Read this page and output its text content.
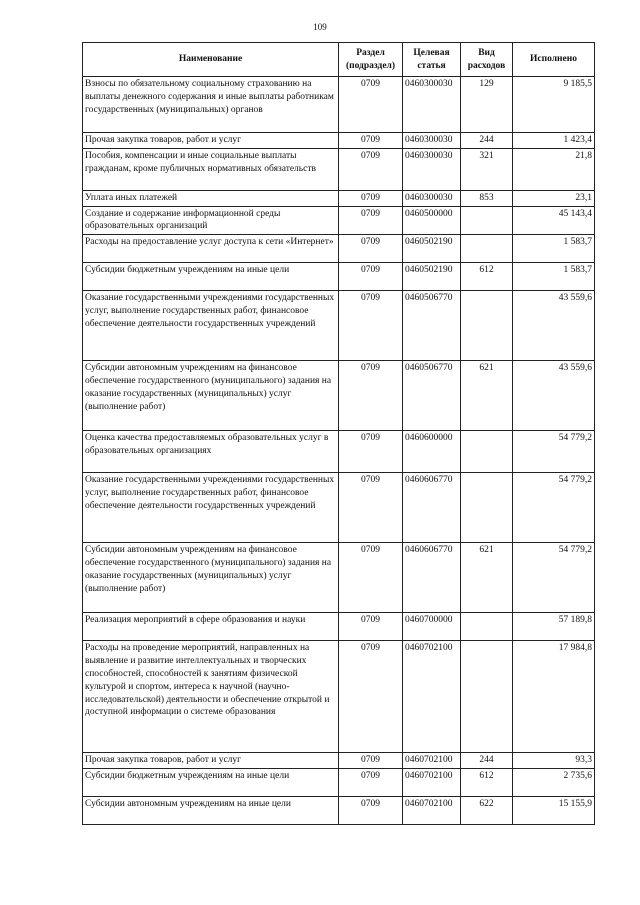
109
Наименование	Раздел (подраздел)	Целевая статья	Вид расходов	Исполнено
Взносы по обязательному социальному страхованию на выплаты денежного содержания и иные выплаты работникам государственных (муниципальных) органов	0709	0460300030	129	9 185,5
Прочая закупка товаров, работ и услуг	0709	0460300030	244	1 423,4
Пособия, компенсации и иные социальные выплаты гражданам, кроме публичных нормативных обязательств	0709	0460300030	321	21,8
Уплата иных платежей	0709	0460300030	853	23,1
Создание и содержание информационной среды образовательных организаций	0709	0460500000		45 143,4
Расходы на предоставление услуг доступа к сети «Интернет»	0709	0460502190		1 583,7
Субсидии бюджетным учреждениям на иные цели	0709	0460502190	612	1 583,7
Оказание государственными учреждениями государственных услуг, выполнение государственных работ, финансовое обеспечение деятельности государственных учреждений	0709	0460506770		43 559,6
Субсидии автономным учреждениям на финансовое обеспечение государственного (муниципального) задания на оказание государственных (муниципальных) услуг (выполнение работ)	0709	0460506770	621	43 559,6
Оценка качества предоставляемых образовательных услуг в образовательных организациях	0709	0460600000		54 779,2
Оказание государственными учреждениями государственных услуг, выполнение государственных работ, финансовое обеспечение деятельности государственных учреждений	0709	0460606770		54 779,2
Субсидии автономным учреждениям на финансовое обеспечение государственного (муниципального) задания на оказание государственных (муниципальных) услуг (выполнение работ)	0709	0460606770	621	54 779,2
Реализация мероприятий в сфере образования и науки	0709	0460700000		57 189,8
Расходы на проведение мероприятий, направленных на выявление и развитие интеллектуальных и творческих способностей, способностей к занятиям физической культурой и спортом, интереса к научной (научно-исследовательской) деятельности и обеспечение открытой и доступной информации о системе образования	0709	0460702100		17 984,8
Прочая закупка товаров, работ и услуг	0709	0460702100	244	93,3
Субсидии бюджетным учреждениям на иные цели	0709	0460702100	612	2 735,6
Субсидии автономным учреждениям на иные цели	0709	0460702100	622	15 155,9
